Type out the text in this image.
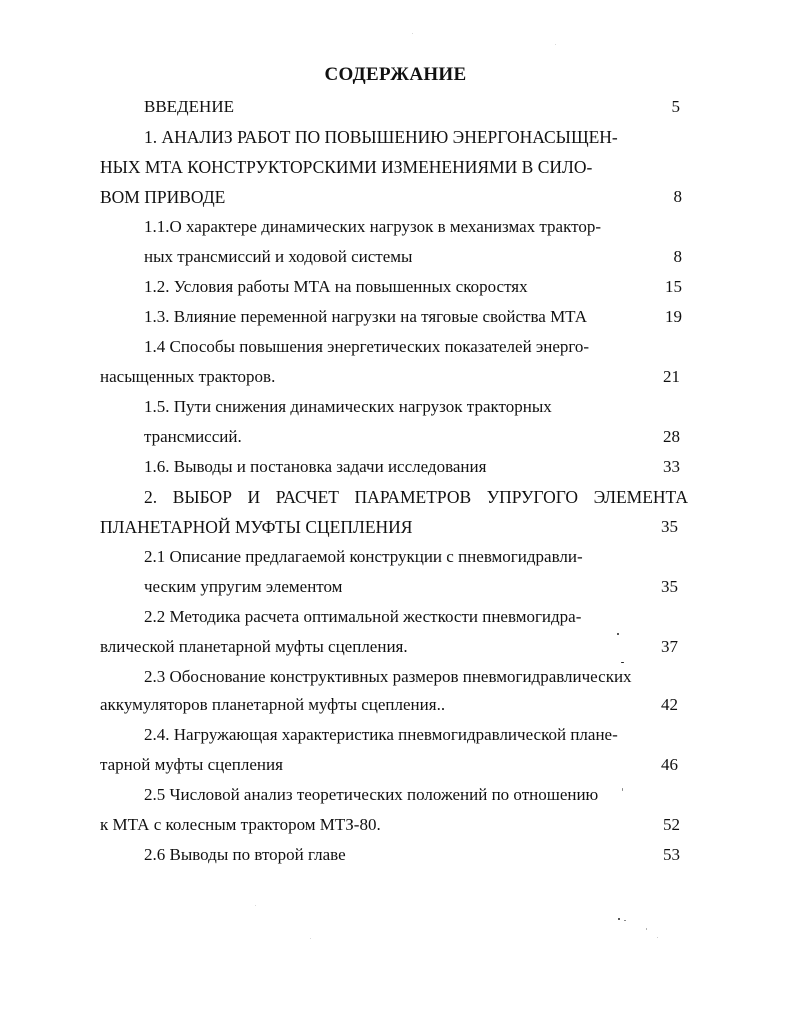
СОДЕРЖАНИЕ
ВВЕДЕНИЕ	5
1. АНАЛИЗ РАБОТ ПО ПОВЫШЕНИЮ ЭНЕРГОНАСЫЩЕН-
НЫХ МТА КОНСТРУКТОРСКИМИ ИЗМЕНЕНИЯМИ В СИЛО-
ВОМ ПРИВОДЕ	8
1.1.О характере динамических нагрузок в механизмах трактор-
ных трансмиссий и ходовой системы	8
1.2. Условия работы МТА на повышенных скоростях	15
1.3. Влияние переменной нагрузки на тяговые свойства МТА	19
1.4 Способы повышения энергетических показателей энерго-
насыщенных тракторов.	21
1.5. Пути снижения динамических нагрузок тракторных
трансмиссий.	28
1.6. Выводы и постановка задачи исследования	33
2. ВЫБОР И РАСЧЕТ ПАРАМЕТРОВ УПРУГОГО ЭЛЕМЕНТА
ПЛАНЕТАРНОЙ МУФТЫ СЦЕПЛЕНИЯ	35
2.1 Описание предлагаемой конструкции с пневмогидравли-
ческим упругим элементом	35
2.2 Методика расчета оптимальной жесткости пневмогидра-
влической планетарной муфты сцепления.	37
2.3 Обоснование конструктивных размеров пневмогидравлических
аккумуляторов планетарной муфты сцепления..	42
2.4. Нагружающая характеристика пневмогидравлической плане-
тарной муфты сцепления	46
2.5 Числовой анализ теоретических положений по отношению
к МТА с колесным трактором МТЗ-80.	52
2.6 Выводы по второй главе	53
